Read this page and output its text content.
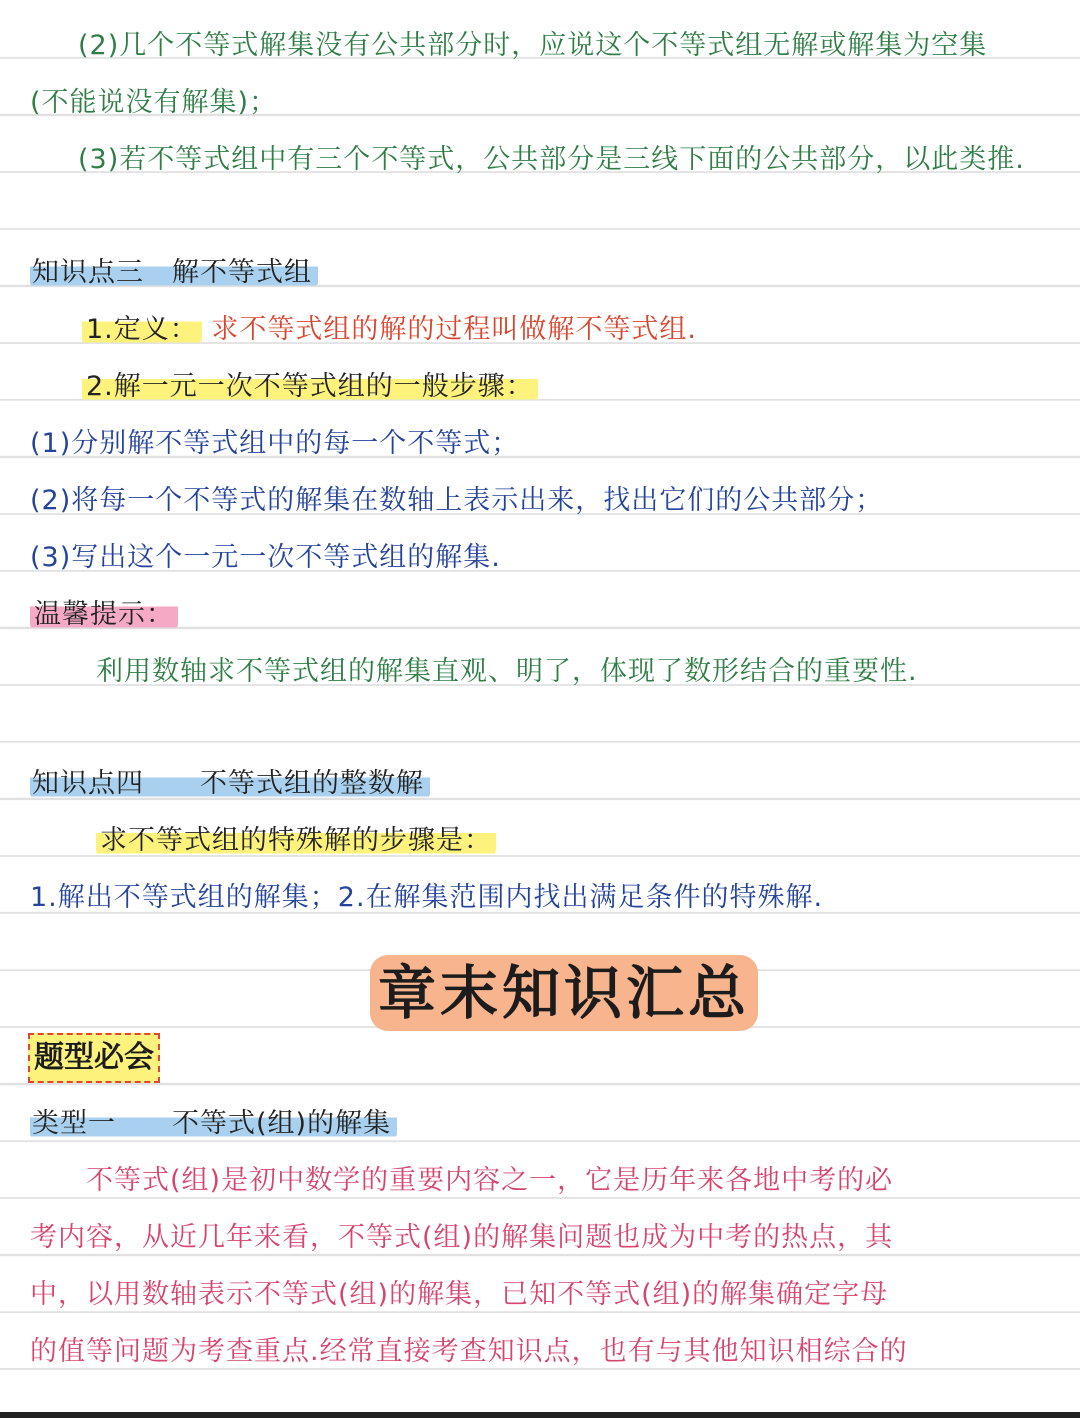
(2)几个不等式解集没有公共部分时，应说这个不等式组无解或解集为空集
(不能说没有解集)；
(3)若不等式组中有三个不等式，公共部分是三线下面的公共部分，以此类推.
知识点三　解不等式组
1.定义： 求不等式组的解的过程叫做解不等式组.
2.解一元一次不等式组的一般步骤：
(1)分别解不等式组中的每一个不等式；
(2)将每一个不等式的解集在数轴上表示出来，找出它们的公共部分；
(3)写出这个一元一次不等式组的解集.
温馨提示：
利用数轴求不等式组的解集直观、明了，体现了数形结合的重要性.
知识点四　　不等式组的整数解
求不等式组的特殊解的步骤是：
1.解出不等式组的解集；2.在解集范围内找出满足条件的特殊解.
章末知识汇总
题型必会
类型一　　不等式(组)的解集
　　不等式(组)是初中数学的重要内容之一，它是历年来各地中考的必
考内容，从近几年来看，不等式(组)的解集问题也成为中考的热点，其
中，以用数轴表示不等式(组)的解集，已知不等式(组)的解集确定字母
的值等问题为考查重点.经常直接考查知识点，也有与其他知识相综合的
